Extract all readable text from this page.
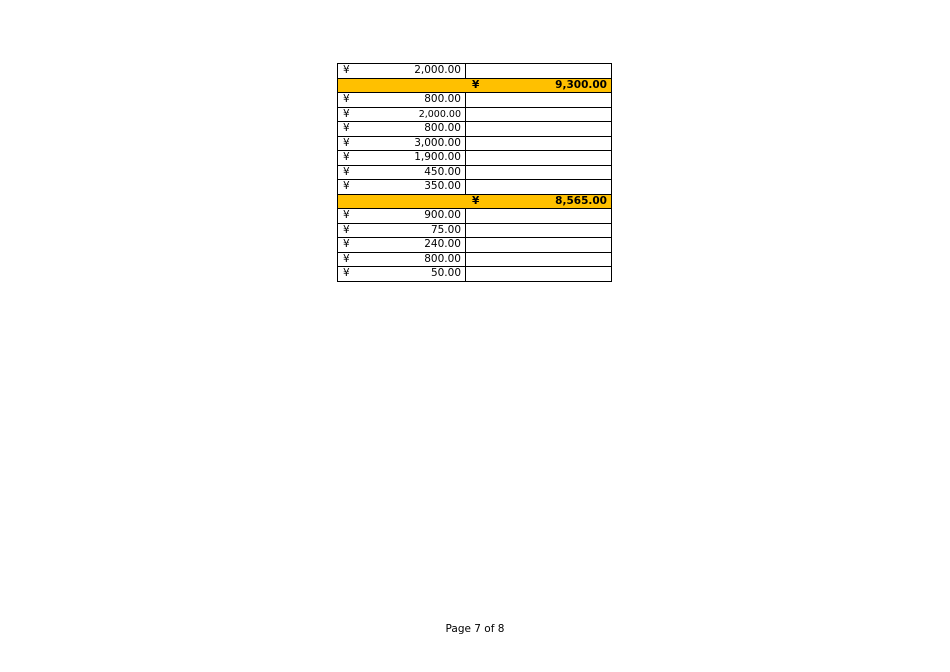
¥ 2,000.00	

	¥ 9,300.00

¥ 800.00	

¥ 2,000.00	

¥ 800.00	

¥ 3,000.00	

¥ 1,900.00	

¥ 450.00	

¥ 350.00	

	¥ 8,565.00

¥ 900.00	

¥ 75.00	

¥ 240.00	

¥ 800.00	

¥ 50.00	

Page 7 of 8
